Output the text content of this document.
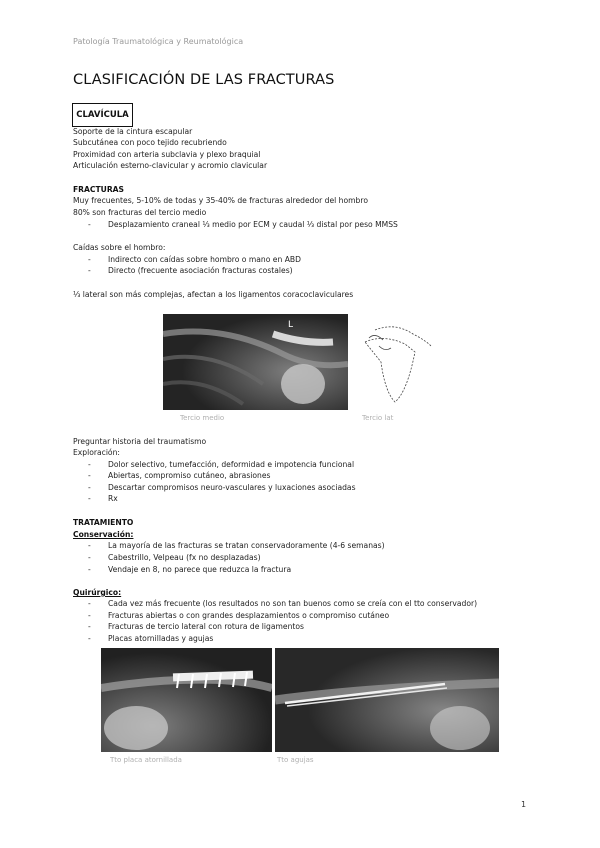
Patología Traumatológica y Reumatológica
CLASIFICACIÓN DE LAS FRACTURAS
CLAVÍCULA
Soporte de la cintura escapular
Subcutánea con poco tejido recubriendo
Proximidad con arteria subclavia y plexo braquial
Articulación esterno-clavicular y acromio clavicular
FRACTURAS
Muy frecuentes, 5-10% de todas y 35-40% de fracturas alrededor del hombro
80% son fracturas del tercio medio
- Desplazamiento craneal ⅓ medio por ECM y caudal ⅓ distal por peso MMSS
Caídas sobre el hombro:
- Indirecto con caídas sobre hombro o mano en ABD
- Directo (frecuente asociación fracturas costales)
⅓ lateral son más complejas, afectan a los ligamentos coracoclaviculares
L
Tercio medio	Tercio lat
Preguntar historia del traumatismo
Exploración:
- Dolor selectivo, tumefacción, deformidad e impotencia funcional
- Abiertas, compromiso cutáneo, abrasiones
- Descartar compromisos neuro-vasculares y luxaciones asociadas
- Rx
TRATAMIENTO
Conservación:
- La mayoría de las fracturas se tratan conservadoramente (4-6 semanas)
- Cabestrillo, Velpeau (fx no desplazadas)
- Vendaje en 8, no parece que reduzca la fractura
Quirúrgico:
- Cada vez más frecuente (los resultados no son tan buenos como se creía con el tto conservador)
- Fracturas abiertas o con grandes desplazamientos o compromiso cutáneo
- Fracturas de tercio lateral con rotura de ligamentos
- Placas atornilladas y agujas
Tto placa atornillada	Tto agujas
1
